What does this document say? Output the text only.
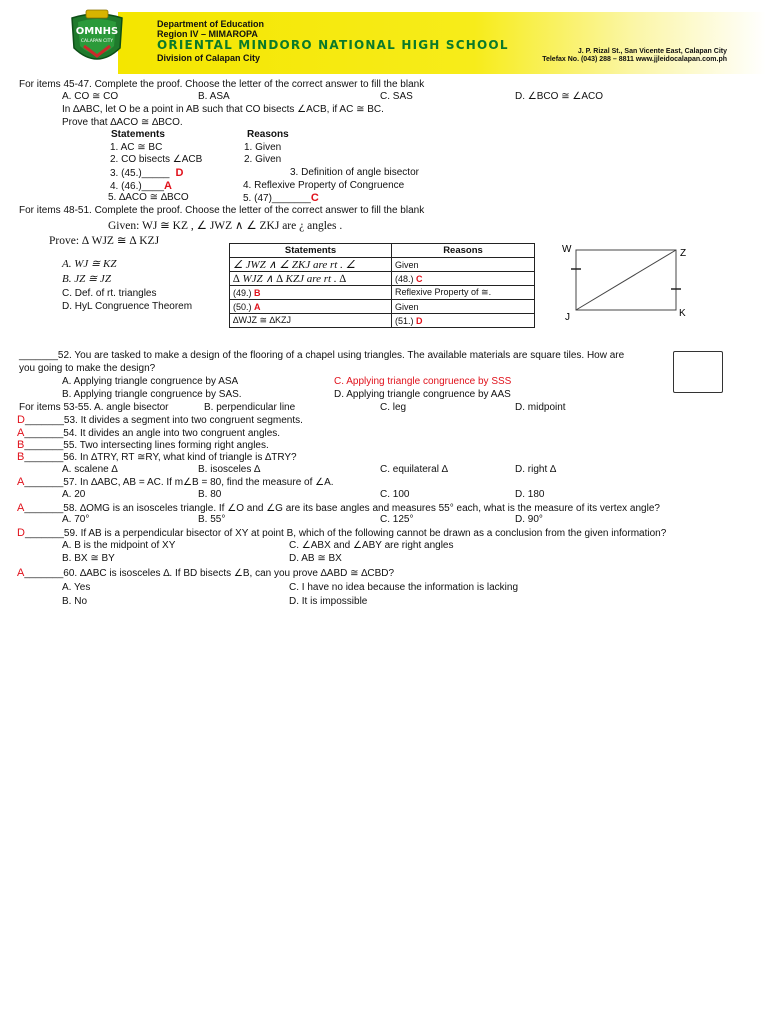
OMNHS
CALAPAN CITY
Department of Education
Region IV – MIMAROPA
ORIENTAL MINDORO NATIONAL HIGH SCHOOL
Division of Calapan City
J. P. Rizal St., San Vicente East, Calapan City
Telefax No. (043) 288 – 8811 www.jjleidocalapan.com.ph
For items 45-47. Complete the proof. Choose the letter of the correct answer to fill the blank
A. CO ≅ CO	B. ASA	C. SAS	D. ∠BCO ≅ ∠ACO
In ∆ABC, let O be a point in AB such that CO bisects ∠ACB, if AC ≅ BC.
Prove that ∆ACO ≅ ∆BCO.
Statements	Reasons
1. AC ≅ BC	1. Given
2. CO bisects ∠ACB	2. Given
3. (45.)_____ D	3. Definition of angle bisector
4. (46.)____A	4. Reflexive Property of Congruence
5. ∆ACO ≅ ∆BCO	5. (47)_______C
For items 48-51. Complete the proof. Choose the letter of the correct answer to fill the blank
Given: WJ ≅ KZ , ∠ JWZ ∧ ∠ ZKJ are ¿ angles .
Prove: ∆ WJZ ≅ ∆ KZJ
A. WJ ≅ KZ
B. JZ ≅ JZ
C. Def. of rt. triangles
D. HyL Congruence Theorem
Statements	Reasons
∠ JWZ ∧ ∠ ZKJ are rt . ∠	Given
∆ WJZ ∧ ∆ KZJ are rt . ∆	(48.) C
(49.) B	Reflexive Property of ≅.
(50.) A	Given
∆WJZ ≅ ∆KZJ	(51.) D
W	Z
J	K
_______52. You are tasked to make a design of the flooring of a chapel using triangles. The available materials are square tiles. How are
you going to make the design?
A. Applying triangle congruence by ASA	C. Applying triangle congruence by SSS
B. Applying triangle congruence by SAS.	D. Applying triangle congruence by AAS
For items 53-55. A. angle bisector	B. perpendicular line	C. leg	D. midpoint
D_______53. It divides a segment into two congruent segments.
A_______54. It divides an angle into two congruent angles.
B_______55. Two intersecting lines forming right angles.
B_______56. In ∆TRY, RT ≅RY, what kind of triangle is ∆TRY?
A. scalene ∆	B. isosceles ∆	C. equilateral ∆	D. right ∆
A_______57. In ∆ABC, AB = AC. If m∠B = 80, find the measure of ∠A.
A. 20	B. 80	C. 100	D. 180
A_______58. ∆OMG is an isosceles triangle. If ∠O and ∠G are its base angles and measures 55° each, what is the measure of its vertex angle?
A. 70°	B. 55°	C. 125°	D. 90°
D_______59. If AB is a perpendicular bisector of XY at point B, which of the following cannot be drawn as a conclusion from the given information?
A. B is the midpoint of XY	C. ∠ABX and ∠ABY are right angles
B. BX ≅ BY	D. AB ≅ BX
A_______60. ∆ABC is isosceles ∆. If BD bisects ∠B, can you prove ∆ABD ≅ ∆CBD?
A. Yes	C. I have no idea because the information is lacking
B. No	D. It is impossible
